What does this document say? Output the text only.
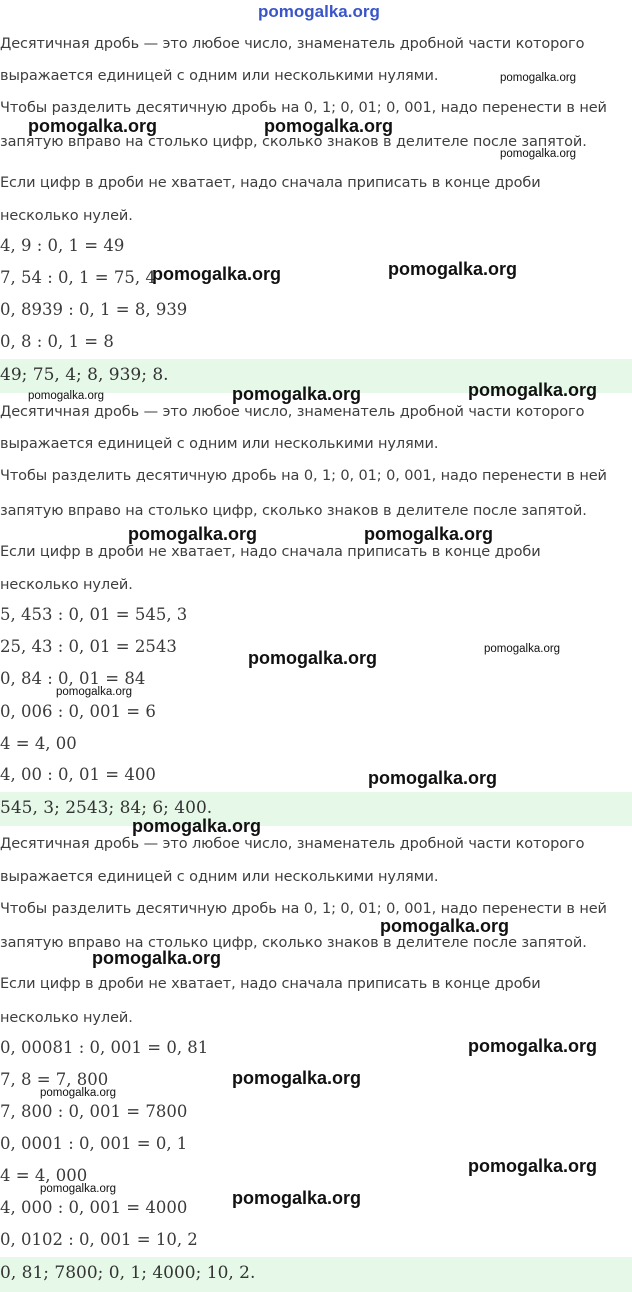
pomogalka.org
Десятичная дробь — это любое число, знаменатель дробной части которого
выражается единицей с одним или несколькими нулями.
Чтобы разделить десятичную дробь на 0, 1; 0, 01; 0, 001, надо перенести в ней
запятую вправо на столько цифр, сколько знаков в делителе после запятой.
Если цифр в дроби не хватает, надо сначала приписать в конце дроби
несколько нулей.
4, 9 : 0, 1 = 49
7, 54 : 0, 1 = 75, 4
0, 8939 : 0, 1 = 8, 939
0, 8 : 0, 1 = 8
49; 75, 4; 8, 939; 8.
Десятичная дробь — это любое число, знаменатель дробной части которого
выражается единицей с одним или несколькими нулями.
Чтобы разделить десятичную дробь на 0, 1; 0, 01; 0, 001, надо перенести в ней
запятую вправо на столько цифр, сколько знаков в делителе после запятой.
Если цифр в дроби не хватает, надо сначала приписать в конце дроби
несколько нулей.
5, 453 : 0, 01 = 545, 3
25, 43 : 0, 01 = 2543
0, 84 : 0, 01 = 84
0, 006 : 0, 001 = 6
4 = 4, 00
4, 00 : 0, 01 = 400
545, 3; 2543; 84; 6; 400.
Десятичная дробь — это любое число, знаменатель дробной части которого
выражается единицей с одним или несколькими нулями.
Чтобы разделить десятичную дробь на 0, 1; 0, 01; 0, 001, надо перенести в ней
запятую вправо на столько цифр, сколько знаков в делителе после запятой.
Если цифр в дроби не хватает, надо сначала приписать в конце дроби
несколько нулей.
0, 00081 : 0, 001 = 0, 81
7, 8 = 7, 800
7, 800 : 0, 001 = 7800
0, 0001 : 0, 001 = 0, 1
4 = 4, 000
4, 000 : 0, 001 = 4000
0, 0102 : 0, 001 = 10, 2
0, 81; 7800; 0, 1; 4000; 10, 2.
pomogalka.org
pomogalka.org	pomogalka.org
pomogalka.org
pomogalka.org	pomogalka.org
pomogalka.org	pomogalka.org
pomogalka.org
pomogalka.org	pomogalka.org
pomogalka.org	pomogalka.org
pomogalka.org
pomogalka.org
pomogalka.org
pomogalka.org
pomogalka.org
pomogalka.org
pomogalka.org
pomogalka.org
pomogalka.org
pomogalka.org	pomogalka.org
